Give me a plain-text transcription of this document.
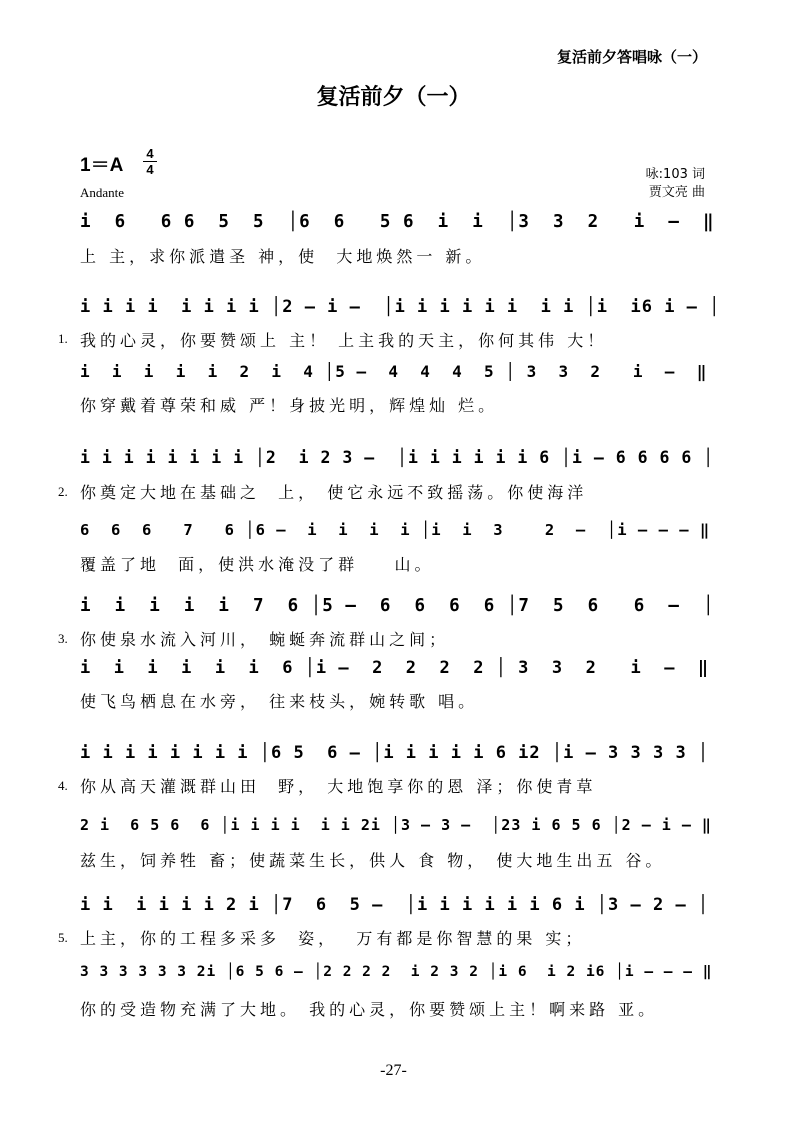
复活前夕答唱咏（一）
复活前夕（一）
1＝A
4
4
Andante
咏:103 词
贾文亮 曲
i  6   6 6  5  5  │6  6   5 6  i  i  │3  3  2   i  –  ‖
上 主，求你派遣圣 神，使  大地焕然一 新。
i i i i  i i i i │2 – i –  │i i i i i i  i i │i  i6 i – │
1. 我的心灵，你要赞颂上 主！ 上主我的天主，你何其伟 大！
i  i  i  i  i  2  i  4 │5 –  4  4  4  5 │ 3  3  2   i  –  ‖
你穿戴着尊荣和威 严！身披光明，辉煌灿 烂。
i i i i i i i i │2  i 2 3 –  │i i i i i i 6 │i – 6 6 6 6 │
2. 你奠定大地在基础之  上， 使它永远不致摇荡。你使海洋
6  6  6   7   6 │6 –  i  i  i  i │i  i  3    2  –  │i – – – ‖
覆盖了地  面，使洪水淹没了群    山。
i  i  i  i  i  7  6 │5 –  6  6  6  6 │7  5  6   6  –  │
3. 你使泉水流入河川， 蜿蜒奔流群山之间；
i  i  i  i  i  i  6 │i –  2  2  2  2 │ 3  3  2   i  –  ‖
使飞鸟栖息在水旁， 往来枝头，婉转歌 唱。
i i i i i i i i │6 5  6 – │i i i i i 6 i2 │i – 3 3 3 3 │
4. 你从高天灌溉群山田  野， 大地饱享你的恩 泽；你使青草
2 i  6 5 6  6 │i i i i  i i 2i │3 – 3 –  │23 i 6 5 6 │2 – i – ‖
兹生，饲养牲 畜；使蔬菜生长，供人 食 物， 使大地生出五 谷。
i i  i i i i 2 i │7  6  5 –  │i i i i i i 6 i │3 – 2 – │
5. 上主，你的工程多采多  姿，  万有都是你智慧的果 实；
3 3 3 3 3 3 2i │6 5 6 – │2 2 2 2  i 2 3 2 │i 6  i 2 i6 │i – – – ‖
你的受造物充满了大地。 我的心灵，你要赞颂上主！啊来路 亚。
-27-
